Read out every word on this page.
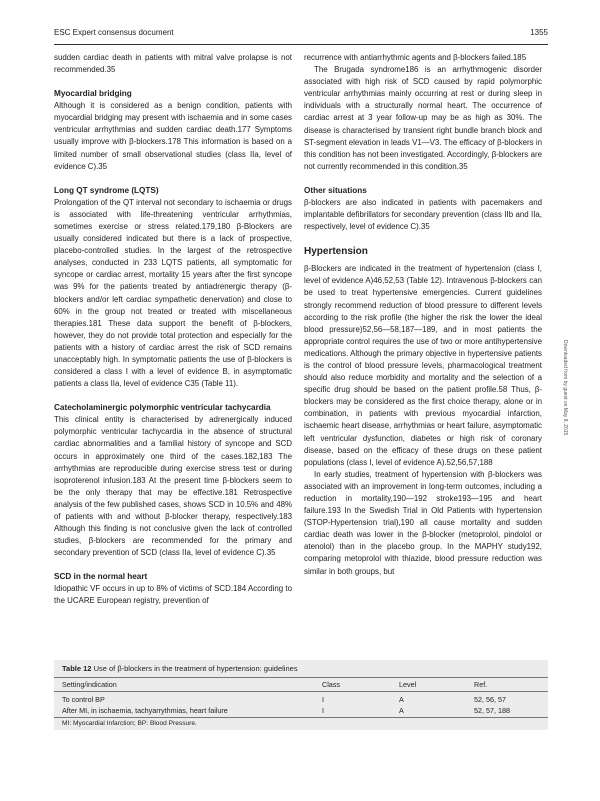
ESC Expert consensus document	1355

sudden cardiac death in patients with mitral valve prolapse is not recommended.35

Myocardial bridging

Although it is considered as a benign condition, patients with myocardial bridging may present with ischaemia and in some cases ventricular arrhythmias and sudden cardiac death.177 Symptoms usually improve with β-blockers.178 This information is based on a limited number of small observational studies (class IIa, level of evidence C).35

Long QT syndrome (LQTS)

Prolongation of the QT interval not secondary to ischaemia or drugs is associated with life-threatening ventricular arrhythmias, sometimes exercise or stress related.179,180 β-Blockers are usually considered indicated but there is a lack of prospective, placebo-controlled studies. In the largest of the retrospective analyses, conducted in 233 LQTS patients, all symptomatic for syncope or cardiac arrest, mortality 15 years after the first syncope was 9% for the patients treated by antiadrenergic therapy (β-blockers and/or left cardiac sympathetic denervation) and close to 60% in the group not treated or treated with miscellaneous therapies.181 These data support the benefit of β-blockers, however, they do not provide total protection and especially for the patients with a history of cardiac arrest the risk of SCD remains unacceptably high. In symptomatic patients the use of β-blockers is considered a class I with a level of evidence B, in asymptomatic patients a class IIa, level of evidence C35 (Table 11).

Catecholaminergic polymorphic ventricular tachycardia

This clinical entity is characterised by adrenergically induced polymorphic ventricular tachycardia in the absence of structural cardiac abnormalities and a familial history of syncope and SCD occurs in approximately one third of the cases.182,183 The arrhythmias are reproducible during exercise stress test or during isoproterenol infusion.183 At the present time β-blockers seem to be the only therapy that may be effective.181 Retrospective analysis of the few published cases, shows SCD in 10.5% and 48% of patients with and without β-blocker therapy, respectively.183 Although this finding is not conclusive given the lack of controlled studies, β-blockers are recommended for the primary and secondary prevention of SCD (class IIa, level of evidence C).35

SCD in the normal heart

Idiopathic VF occurs in up to 8% of victims of SCD.184 According to the UCARE European registry, prevention of

recurrence with antiarrhythmic agents and β-blockers failed.185

The Brugada syndrome186 is an arrhythmogenic disorder associated with high risk of SCD caused by rapid polymorphic ventricular arrhythmias mainly occurring at rest or during sleep in individuals with a structurally normal heart. The occurrence of cardiac arrest at 3 year follow-up may be as high as 30%. The disease is characterised by transient right bundle branch block and ST-segment elevation in leads V1—V3. The efficacy of β-blockers in this condition has not been investigated. Accordingly, β-blockers are not currently recommended in this condition.35

Other situations

β-blockers are also indicated in patients with pacemakers and implantable defibrillators for secondary prevention (class IIb and IIa, respectively, level of evidence C).35

Hypertension

β-Blockers are indicated in the treatment of hypertension (class I, level of evidence A)46,52,53 (Table 12). Intravenous β-blockers can be used to treat hypertensive emergencies. Current guidelines strongly recommend reduction of blood pressure to different levels according to the risk profile (the higher the risk the lower the ideal blood pressure)52,56—58,187—189, and in most patients the appropriate control requires the use of two or more antihypertensive medications. Although the primary objective in hypertensive patients is the control of blood pressure levels, pharmacological treatment should also reduce morbidity and mortality and the selection of a specific drug should be based on the patient profile.58 Thus, β-blockers may be considered as the first choice therapy, alone or in combination, in patients with previous myocardial infarction, ischaemic heart disease, arrhythmias or heart failure, asymptomatic left ventricular dysfunction, diabetes or high risk of coronary disease, based on the efficacy of these drugs on these patient populations (class I, level of evidence A).52,56,57,188

In early studies, treatment of hypertension with β-blockers was associated with an improvement in long-term outcomes, including a reduction in mortality,190—192 stroke193—195 and heart failure.193 In the Swedish Trial in Old Patients with hypertension (STOP-Hypertension trial),190 all cause mortality and sudden cardiac death was lower in the β-blocker (metoprolol, pindolol or atenolol) than in the placebo group. In the MAPHY study192, comparing metoprolol with thiazide, blood pressure reduction was similar in both groups, but

Downloaded from by guest on May 8, 2015
Table 12 Use of β-blockers in the treatment of hypertension: guidelines
Setting/indication	Class	Level	Ref.
To control BP	I	A	52, 56, 57
After MI, in ischaemia, tachyarrythmias, heart failure	I	A	52, 57, 188
MI: Myocardial Infarction; BP: Blood Pressure.
